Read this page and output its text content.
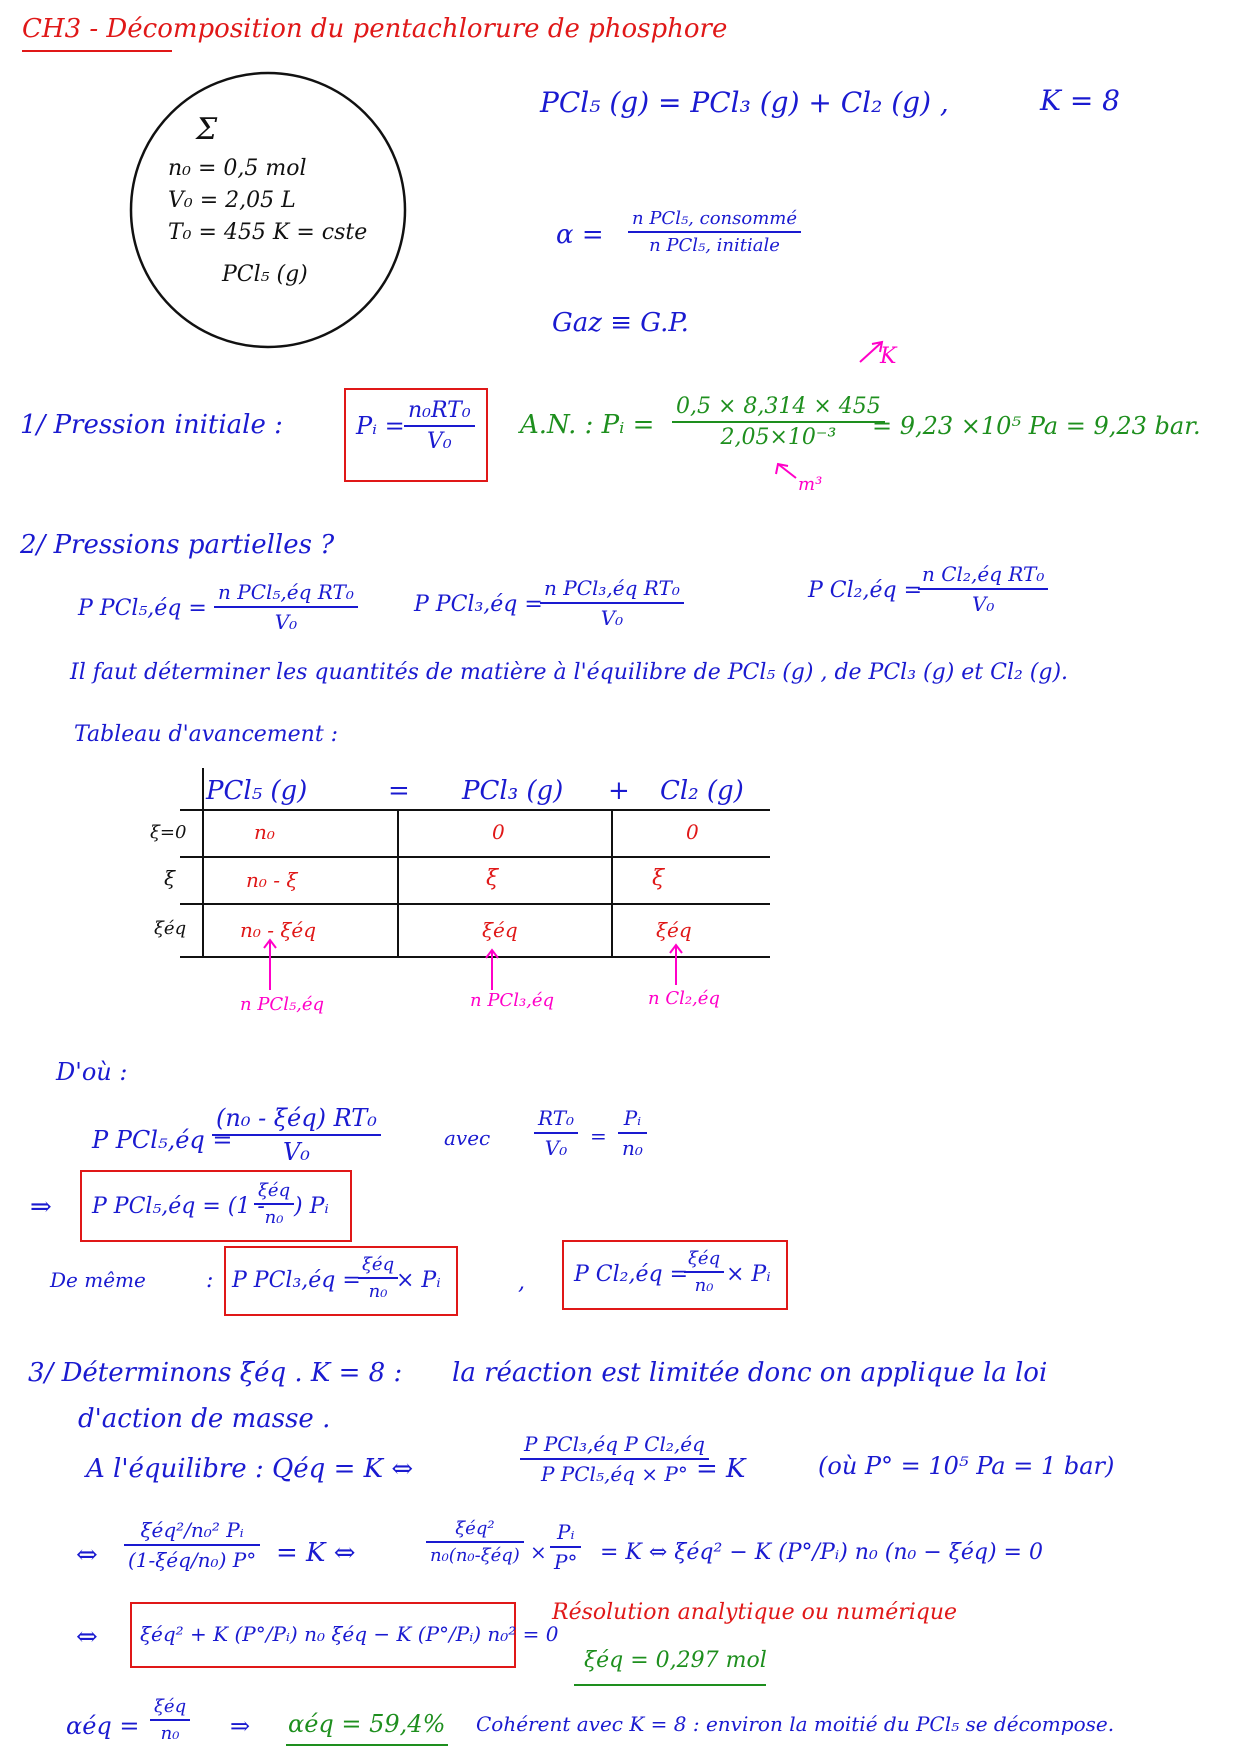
CH3 - Décomposition du pentachlorure de phosphore
Σ
n₀ = 0,5 mol
V₀ = 2,05 L
T₀ = 455 K = cste
PCl₅ (g)
PCl₅ (g) = PCl₃ (g) + Cl₂ (g) ,	K = 8
α =
n PCl₅, consommé
n PCl₅, initiale
Gaz ≡ G.P.
1/ Pression initiale :	Pᵢ = $\frac{\text{n₀RT₀}}{\text{V₀}} A.N$. : Pᵢ = $\frac{0,5 \times 8,314 \times 455}{\text{2,05×10⁻³}}$
= 9,23 ×10⁵ Pa = 9,23 bar.
K
m³
2/ Pressions partielles ?
P PCl₅,éq =
n PCl₅,éq RT₀
V₀
P PCl₃,éq =
n PCl₃,éq RT₀
V₀
P Cl₂,éq =
$\frac{\text{n Cl₂,éq RT₀}}{\text{V₀}}$
Il faut déterminer les quantités de matière à l'équilibre de PCl₅ (g) , de PCl₃ (g) et Cl₂ (g).
Tableau d'avancement :
PCl₅ (g)	= PCl₃ (g) + Cl₂ (g)
ξ=0	n₀	0	0
ξ	n₀ - ξ	ξ	ξ
ξéq	n₀ - ξéq	ξéq	ξéq
n PCl₅,éq	n PCl₃,éq	n Cl₂,éq
D'où :
P PCl₅,éq =
(n₀ - ξéq) RT₀
V₀	avec $\frac{\text{RT₀}}{\text{V₀}} = \frac{\text{Pᵢ}}{\text{n₀}}$
⇒ P PCl₅,éq = (1 -
ξéq
n₀ ) Pᵢ
De même	: P PCl₃,éq =
ξéq
n₀ × Pᵢ	, P Cl₂,éq =
ξéq
n₀ × Pᵢ
3/ Déterminons ξéq . K = 8 : la réaction est limitée donc on applique la loi
d'action de masse .
A l'équilibre : Qéq = K ⇔
P PCl₃,éq P Cl₂,éq
P PCl₅,éq × P° = K	(où P° = 10⁵ Pa = 1 bar)
⇔
ξéq²/n₀² Pᵢ
(1-ξéq/n₀) P° = K ⇔
ξéq²
n₀(n₀-ξéq) × $\frac{\text{Pᵢ}}{P^\circ} = K$ ⇔ ξéq² − K (P°/Pᵢ) n₀ (n₀ − ξéq) = 0
⇔ ξéq² + K (P°/Pᵢ) n₀ ξéq − K (P°/Pᵢ) n₀² = 0
Résolution analytique ou numérique
ξéq = 0,297 mol
αéq =
ξéq
n₀	⇒ αéq = 59,4% Cohérent avec K = 8 : environ la moitié du PCl₅ se décompose.
